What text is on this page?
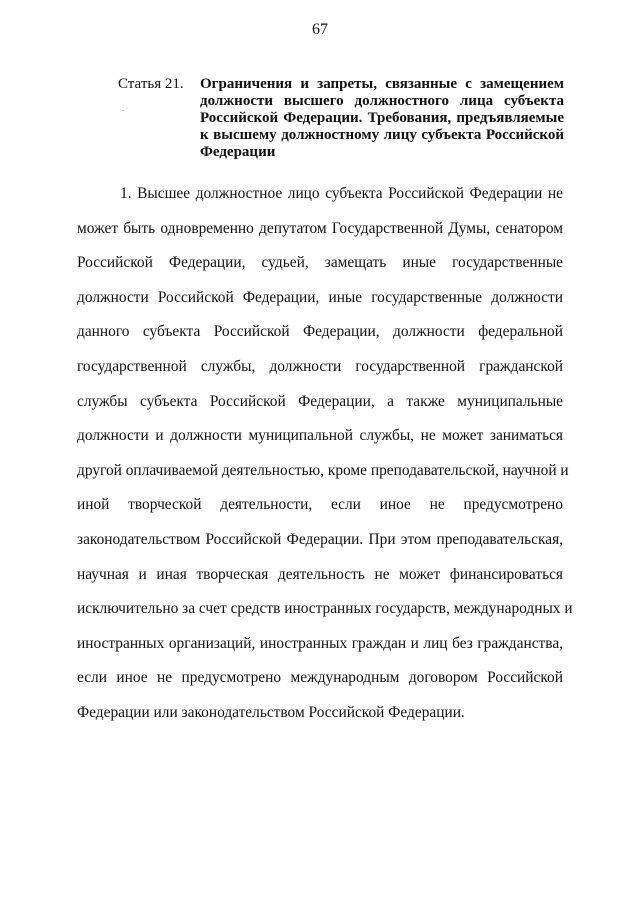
67
.
Статья 21.	Ограничения и запреты, связанные с замещением
должности высшего должностного лица субъекта
Российской Федерации. Требования, предъявляемые
к высшему должностному лицу субъекта Российской
Федерации
1. Высшее должностное лицо субъекта Российской Федерации не
может быть одновременно депутатом Государственной Думы, сенатором
Российской Федерации, судьей, замещать иные государственные
должности Российской Федерации, иные государственные должности
данного субъекта Российской Федерации, должности федеральной
государственной службы, должности государственной гражданской
службы субъекта Российской Федерации, а также муниципальные
должности и должности муниципальной службы, не может заниматься
другой оплачиваемой деятельностью, кроме преподавательской, научной и
иной творческой деятельности, если иное не предусмотрено
законодательством Российской Федерации. При этом преподавательская,
научная и иная творческая деятельность не может финансироваться
исключительно за счет средств иностранных государств, международных и
иностранных организаций, иностранных граждан и лиц без гражданства,
если иное не предусмотрено международным договором Российской
Федерации или законодательством Российской Федерации.
